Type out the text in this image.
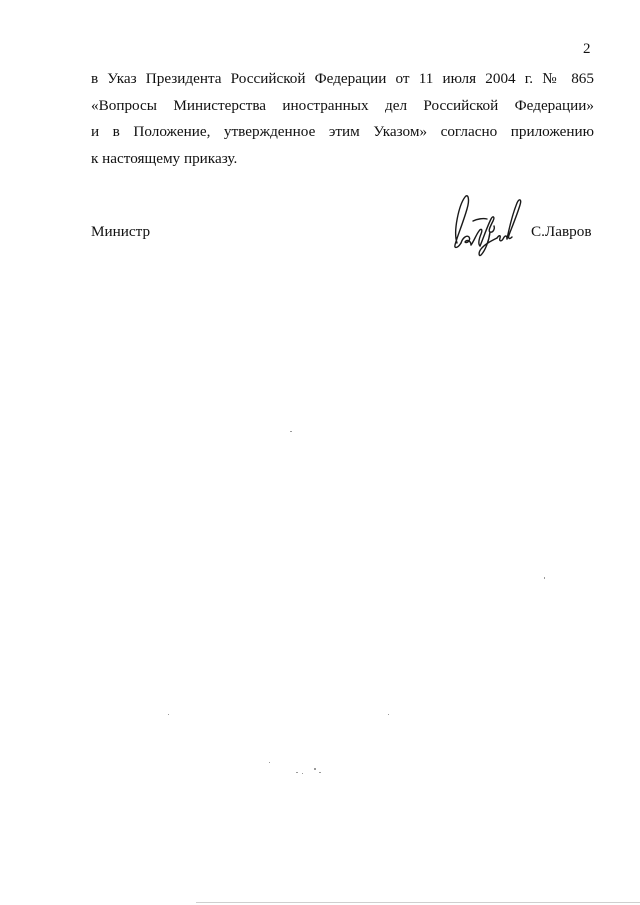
2
в Указ Президента Российской Федерации от 11 июля 2004 г. № 865
«Вопросы Министерства иностранных дел Российской Федерации»
и в Положение, утвержденное этим Указом» согласно приложению
к настоящему приказу.
Министр	С.Лавров
